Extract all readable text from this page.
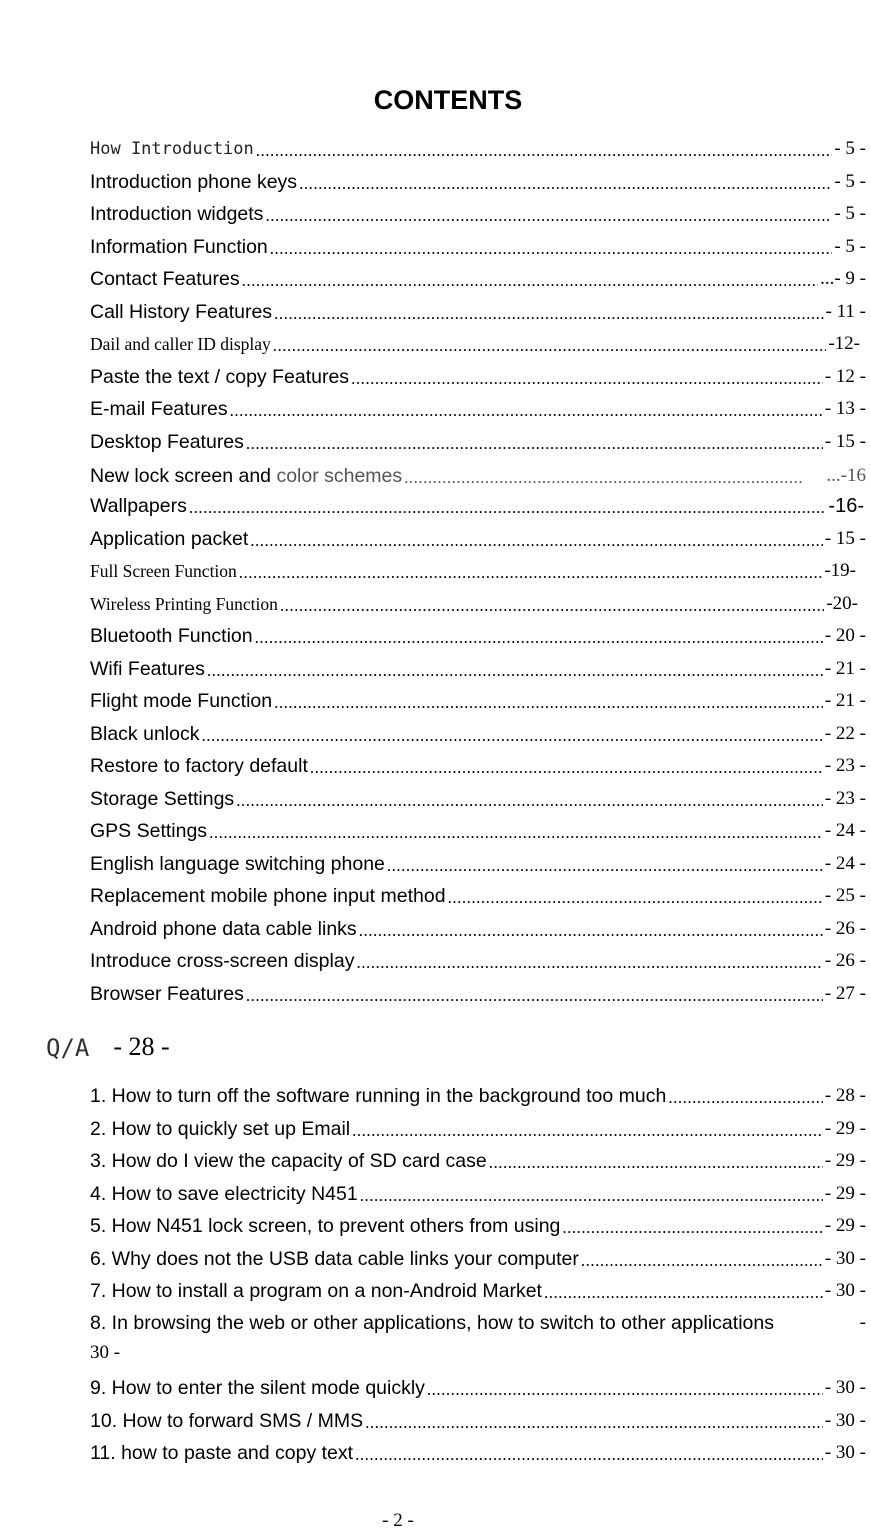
CONTENTS
How Introduction .....	- 5 -
Introduction phone keys .....	- 5 -
Introduction widgets .....	- 5 -
Information Function .....	- 5 -
Contact Features .....	...- 9 -
Call History Features .....	- 11 -
Dail and caller ID display .....	-12-
Paste the text / copy Features .....	- 12 -
E-mail Features .....	- 13 -
Desktop Features .....	- 15 -
New lock screen and color schemes .....	...-16
Wallpapers .....	-16-
Application packet .....	- 15 -
Full Screen Function .....	-19-
Wireless Printing Function .....	-20-
Bluetooth Function .....	- 20 -
Wifi Features .....	- 21 -
Flight mode Function .....	- 21 -
Black unlock .....	- 22 -
Restore to factory default .....	- 23 -
Storage Settings .....	- 23 -
GPS Settings .....	- 24 -
English language switching phone .....	- 24 -
Replacement mobile phone input method .....	- 25 -
Android phone data cable links .....	- 26 -
Introduce cross-screen display .....	- 26 -
Browser Features .....	- 27 -
Q/A - 28 -
1. How to turn off the software running in the background too much .....	- 28 -
2. How to quickly set up Email .....	- 29 -
3. How do I view the capacity of SD card case .....	- 29 -
4. How to save electricity N451 .....	- 29 -
5. How N451 lock screen, to prevent others from using .....	- 29 -
6. Why does not the USB data cable links your computer .....	- 30 -
7. How to install a program on a non-Android Market .....	- 30 -
8. In browsing the web or other applications, how to switch to other applications	-
30 -
9. How to enter the silent mode quickly .....	- 30 -
10. How to forward SMS / MMS .....	- 30 -
11. how to paste and copy text .....	- 30 -
- 2 -
